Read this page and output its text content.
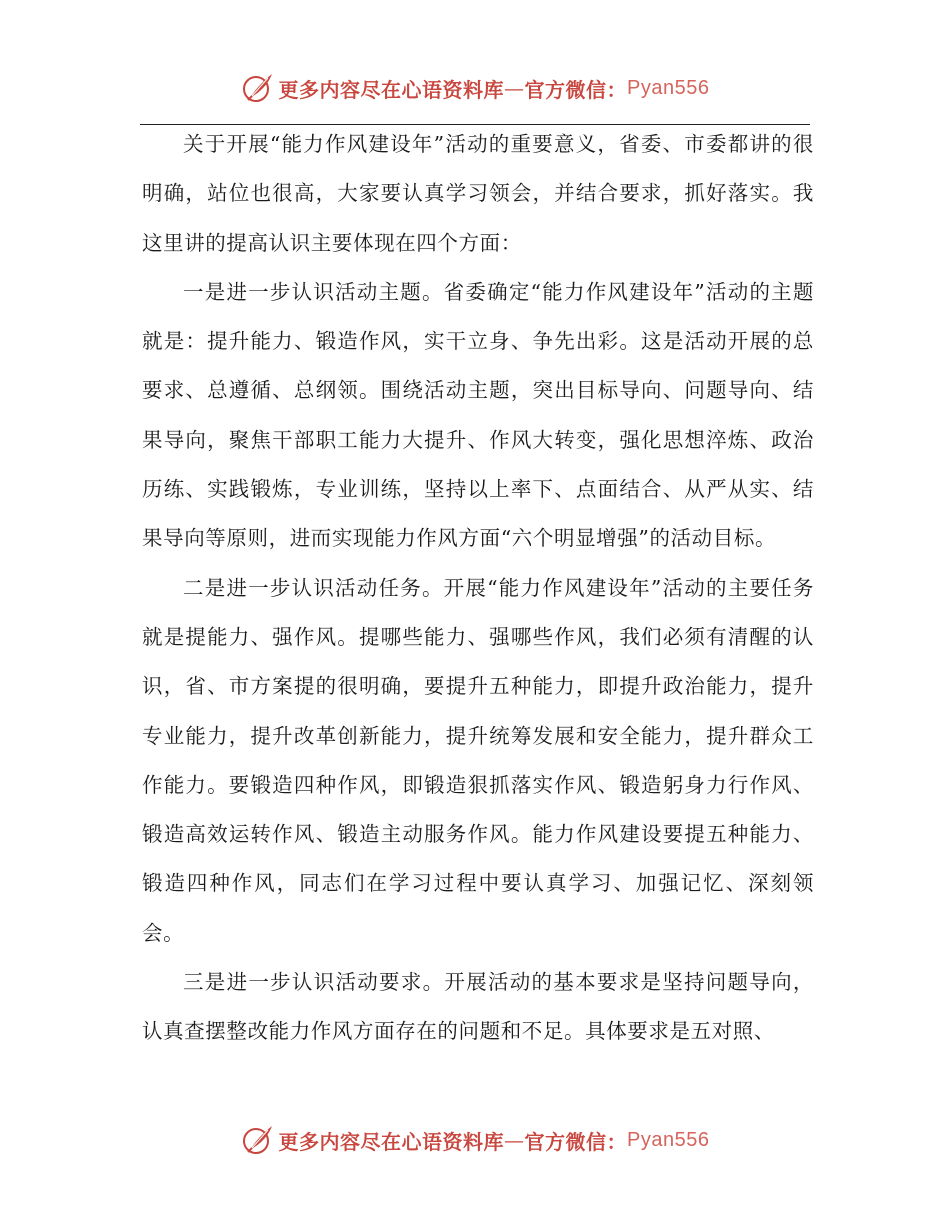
更多内容尽在心语资料库 — 官方微信： Pyan556

关于开展“能力作风建设年”活动的重要意义，省委、市委都讲的很明确，站位也很高，大家要认真学习领会，并结合要求，抓好落实。我这里讲的提高认识主要体现在四个方面：

一是进一步认识活动主题。省委确定“能力作风建设年”活动的主题就是：提升能力、锻造作风，实干立身、争先出彩。这是活动开展的总要求、总遵循、总纲领。围绕活动主题，突出目标导向、问题导向、结果导向，聚焦干部职工能力大提升、作风大转变，强化思想淬炼、政治历练、实践锻炼，专业训练，坚持以上率下、点面结合、从严从实、结果导向等原则，进而实现能力作风方面“六个明显增强”的活动目标。

二是进一步认识活动任务。开展“能力作风建设年”活动的主要任务就是提能力、强作风。提哪些能力、强哪些作风，我们必须有清醒的认识，省、市方案提的很明确，要提升五种能力，即提升政治能力，提升专业能力，提升改革创新能力，提升统筹发展和安全能力，提升群众工作能力。要锻造四种作风，即锻造狠抓落实作风、锻造躬身力行作风、锻造高效运转作风、锻造主动服务作风。能力作风建设要提五种能力、锻造四种作风，同志们在学习过程中要认真学习、加强记忆、深刻领会。

三是进一步认识活动要求。开展活动的基本要求是坚持问题导向，认真查摆整改能力作风方面存在的问题和不足。具体要求是五对照、

更多内容尽在心语资料库 — 官方微信： Pyan556
